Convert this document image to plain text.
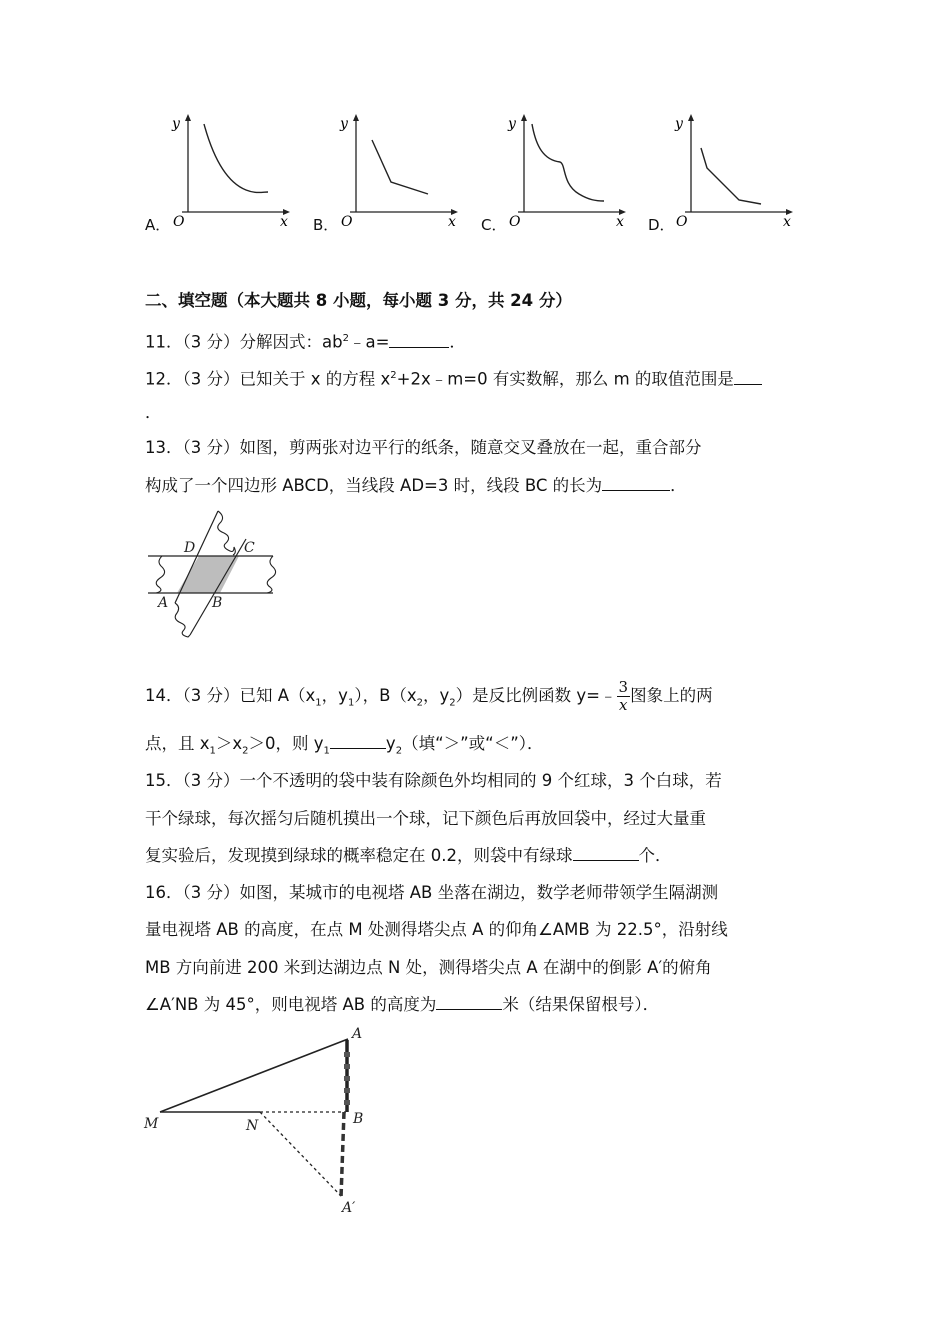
A．
y
x
O	B．
y
x
O	C．
y
x
O	D．
y
x
O
二、填空题（本大题共 8 小题，每小题 3 分，共 24 分）
11．（3 分）分解因式：$ab^2﹣a=$	．
12．（3 分）已知关于 x 的方程 $x^2+2x﹣m=0$ 有实数解，那么 m 的取值范围是
．
13．（3 分）如图，剪两张对边平行的纸条，随意交叉叠放在一起，重合部分
构成了一个四边形 ABCD，当线段 AD=3 时，线段 BC 的长为	．
D	C
A	B
14．（3 分）已知 $A(x_1$，$y_1$），$B(x_2$，$y_2$）是反比例函数 y=﹣ $\frac{3}{x}$ 图象上的两
点，且 $x_1>x_2>0$，则 $y_1$	$y_2$（填“＞”或“＜”）．
15．（3 分）一个不透明的袋中装有除颜色外均相同的 9 个红球，3 个白球，若
干个绿球，每次摇匀后随机摸出一个球，记下颜色后再放回袋中，经过大量重
复实验后，发现摸到绿球的概率稳定在 0.2，则袋中有绿球	个．
16．（3 分）如图，某城市的电视塔 AB 坐落在湖边，数学老师带领学生隔湖测
量电视塔 AB 的高度，在点 M 处测得塔尖点 A 的仰角∠AMB 为 22.5°，沿射线
MB 方向前进 200 米到达湖边点 N 处，测得塔尖点 A 在湖中的倒影 A′的俯角
∠A′NB 为 45°，则电视塔 AB 的高度为	米（结果保留根号）．
A
M	N	B
A′
